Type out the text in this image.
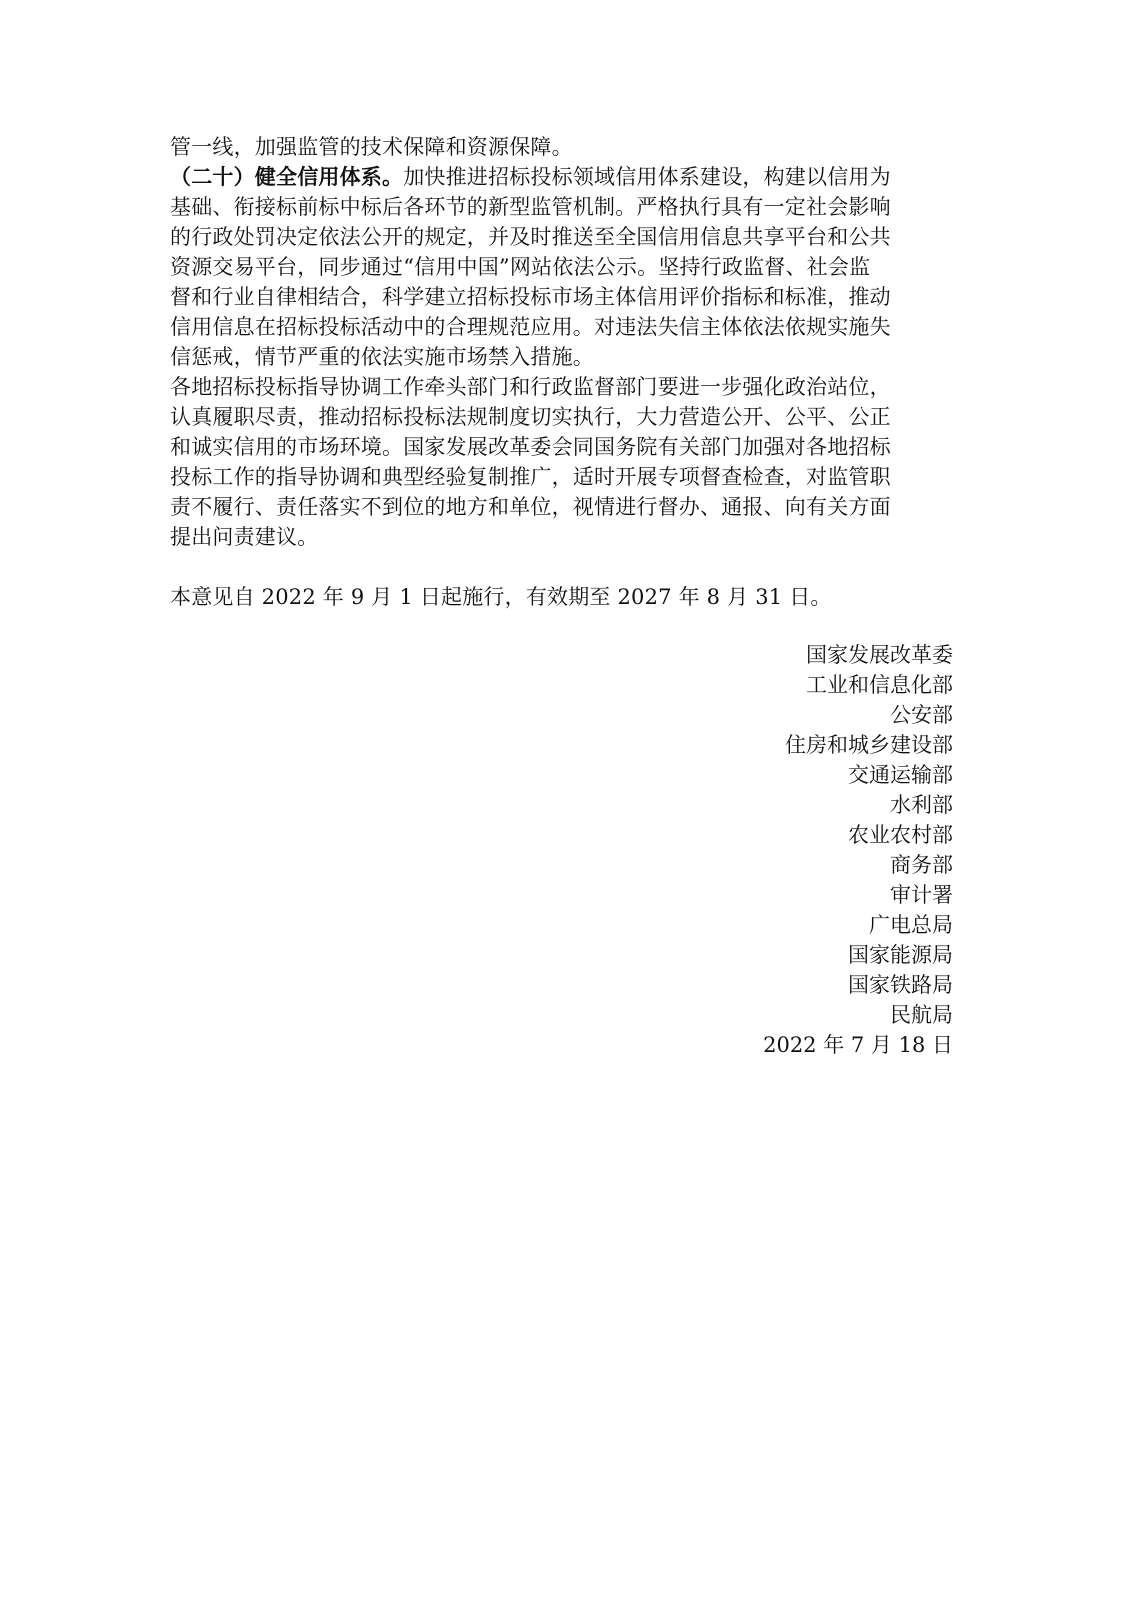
管一线，加强监管的技术保障和资源保障。
（二十）健全信用体系。加快推进招标投标领域信用体系建设，构建以信用为
基础、衔接标前标中标后各环节的新型监管机制。严格执行具有一定社会影响
的行政处罚决定依法公开的规定，并及时推送至全国信用信息共享平台和公共
资源交易平台，同步通过“信用中国”网站依法公示。坚持行政监督、社会监
督和行业自律相结合，科学建立招标投标市场主体信用评价指标和标准，推动
信用信息在招标投标活动中的合理规范应用。对违法失信主体依法依规实施失
信惩戒，情节严重的依法实施市场禁入措施。
各地招标投标指导协调工作牵头部门和行政监督部门要进一步强化政治站位，
认真履职尽责，推动招标投标法规制度切实执行，大力营造公开、公平、公正
和诚实信用的市场环境。国家发展改革委会同国务院有关部门加强对各地招标
投标工作的指导协调和典型经验复制推广，适时开展专项督查检查，对监管职
责不履行、责任落实不到位的地方和单位，视情进行督办、通报、向有关方面
提出问责建议。
本意见自 2022 年 9 月 1 日起施行，有效期至 2027 年 8 月 31 日。
国家发展改革委
工业和信息化部
公安部
住房和城乡建设部
交通运输部
水利部
农业农村部
商务部
审计署
广电总局
国家能源局
国家铁路局
民航局
2022 年 7 月 18 日
